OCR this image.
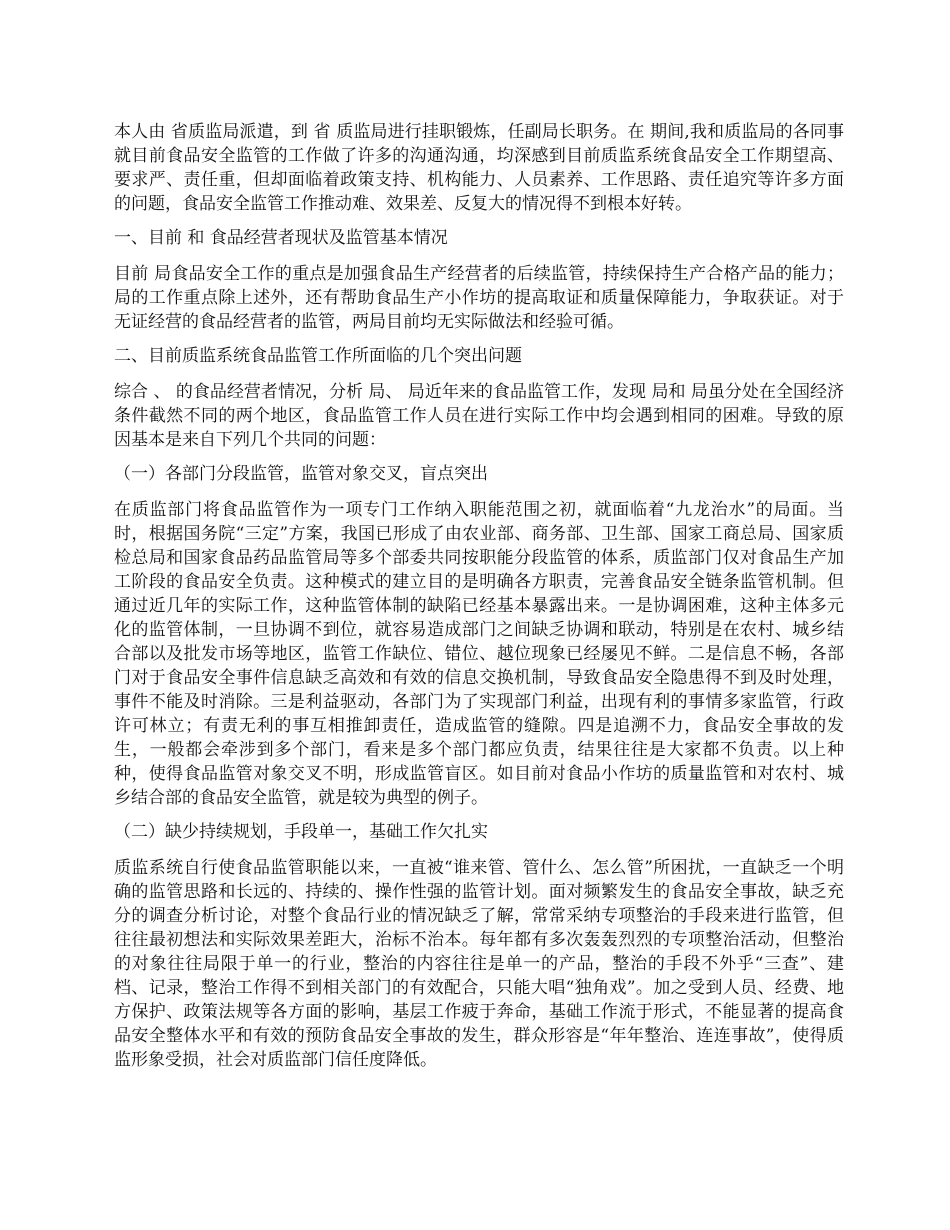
本人由 省质监局派遣，到 省 质监局进行挂职锻炼，任副局长职务。在 期间,我和质监局的各同事就目前食品安全监管的工作做了许多的沟通沟通，均深感到目前质监系统食品安全工作期望高、要求严、责任重，但却面临着政策支持、机构能力、人员素养、工作思路、责任追究等许多方面的问题，食品安全监管工作推动难、效果差、反复大的情况得不到根本好转。

一、目前 和 食品经营者现状及监管基本情况

目前 局食品安全工作的重点是加强食品生产经营者的后续监管，持续保持生产合格产品的能力； 局的工作重点除上述外，还有帮助食品生产小作坊的提高取证和质量保障能力，争取获证。对于无证经营的食品经营者的监管，两局目前均无实际做法和经验可循。

二、目前质监系统食品监管工作所面临的几个突出问题

综合 、 的食品经营者情况，分析 局、 局近年来的食品监管工作，发现 局和 局虽分处在全国经济条件截然不同的两个地区，食品监管工作人员在进行实际工作中均会遇到相同的困难。导致的原因基本是来自下列几个共同的问题：

（一）各部门分段监管，监管对象交叉，盲点突出

在质监部门将食品监管作为一项专门工作纳入职能范围之初，就面临着“九龙治水”的局面。当时，根据国务院“三定”方案，我国已形成了由农业部、商务部、卫生部、国家工商总局、国家质检总局和国家食品药品监管局等多个部委共同按职能分段监管的体系，质监部门仅对食品生产加工阶段的食品安全负责。这种模式的建立目的是明确各方职责，完善食品安全链条监管机制。但通过近几年的实际工作，这种监管体制的缺陷已经基本暴露出来。一是协调困难，这种主体多元化的监管体制，一旦协调不到位，就容易造成部门之间缺乏协调和联动，特别是在农村、城乡结合部以及批发市场等地区，监管工作缺位、错位、越位现象已经屡见不鲜。二是信息不畅，各部门对于食品安全事件信息缺乏高效和有效的信息交换机制，导致食品安全隐患得不到及时处理，事件不能及时消除。三是利益驱动，各部门为了实现部门利益，出现有利的事情多家监管，行政许可林立；有责无利的事互相推卸责任，造成监管的缝隙。四是追溯不力，食品安全事故的发生，一般都会牵涉到多个部门，看来是多个部门都应负责，结果往往是大家都不负责。以上种种，使得食品监管对象交叉不明，形成监管盲区。如目前对食品小作坊的质量监管和对农村、城乡结合部的食品安全监管，就是较为典型的例子。

（二）缺少持续规划，手段单一，基础工作欠扎实

质监系统自行使食品监管职能以来，一直被“谁来管、管什么、怎么管”所困扰，一直缺乏一个明确的监管思路和长远的、持续的、操作性强的监管计划。面对频繁发生的食品安全事故，缺乏充分的调查分析讨论，对整个食品行业的情况缺乏了解，常常采纳专项整治的手段来进行监管，但往往最初想法和实际效果差距大，治标不治本。每年都有多次轰轰烈烈的专项整治活动，但整治的对象往往局限于单一的行业，整治的内容往往是单一的产品，整治的手段不外乎“三查”、建档、记录，整治工作得不到相关部门的有效配合，只能大唱“独角戏”。加之受到人员、经费、地方保护、政策法规等各方面的影响，基层工作疲于奔命，基础工作流于形式，不能显著的提高食品安全整体水平和有效的预防食品安全事故的发生，群众形容是“年年整治、连连事故”，使得质监形象受损，社会对质监部门信任度降低。
